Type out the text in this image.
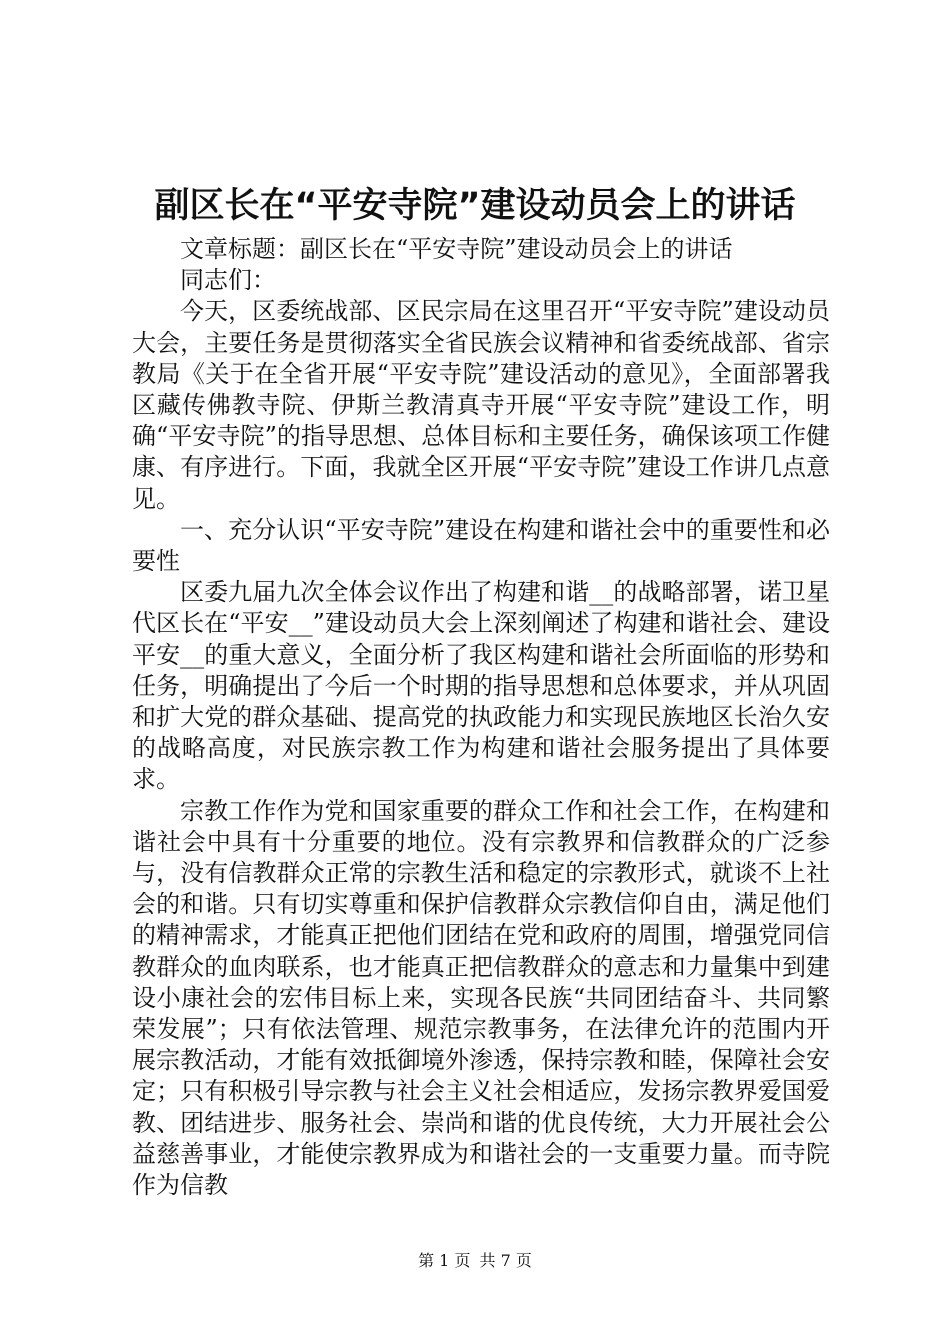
副区长在“平安寺院”建设动员会上的讲话

文章标题：副区长在“平安寺院”建设动员会上的讲话

同志们：

今天，区委统战部、区民宗局在这里召开“平安寺院”建设动员大会，主要任务是贯彻落实全省民族会议精神和省委统战部、省宗教局《关于在全省开展“平安寺院”建设活动的意见》，全面部署我区藏传佛教寺院、伊斯兰教清真寺开展“平安寺院”建设工作，明确“平安寺院”的指导思想、总体目标和主要任务，确保该项工作健康、有序进行。下面，我就全区开展“平安寺院”建设工作讲几点意见。

一、充分认识“平安寺院”建设在构建和谐社会中的重要性和必要性

区委九届九次全体会议作出了构建和谐__的战略部署，诺卫星代区长在“平安__”建设动员大会上深刻阐述了构建和谐社会、建设平安__的重大意义，全面分析了我区构建和谐社会所面临的形势和任务，明确提出了今后一个时期的指导思想和总体要求，并从巩固和扩大党的群众基础、提高党的执政能力和实现民族地区长治久安的战略高度，对民族宗教工作为构建和谐社会服务提出了具体要求。

宗教工作作为党和国家重要的群众工作和社会工作，在构建和谐社会中具有十分重要的地位。没有宗教界和信教群众的广泛参与，没有信教群众正常的宗教生活和稳定的宗教形式，就谈不上社会的和谐。只有切实尊重和保护信教群众宗教信仰自由，满足他们的精神需求，才能真正把他们团结在党和政府的周围，增强党同信教群众的血肉联系，也才能真正把信教群众的意志和力量集中到建设小康社会的宏伟目标上来，实现各民族“共同团结奋斗、共同繁荣发展”；只有依法管理、规范宗教事务，在法律允许的范围内开展宗教活动，才能有效抵御境外渗透，保持宗教和睦，保障社会安定；只有积极引导宗教与社会主义社会相适应，发扬宗教界爱国爱教、团结进步、服务社会、崇尚和谐的优良传统，大力开展社会公益慈善事业，才能使宗教界成为和谐社会的一支重要力量。而寺院作为信教

第 1 页 共 7 页
